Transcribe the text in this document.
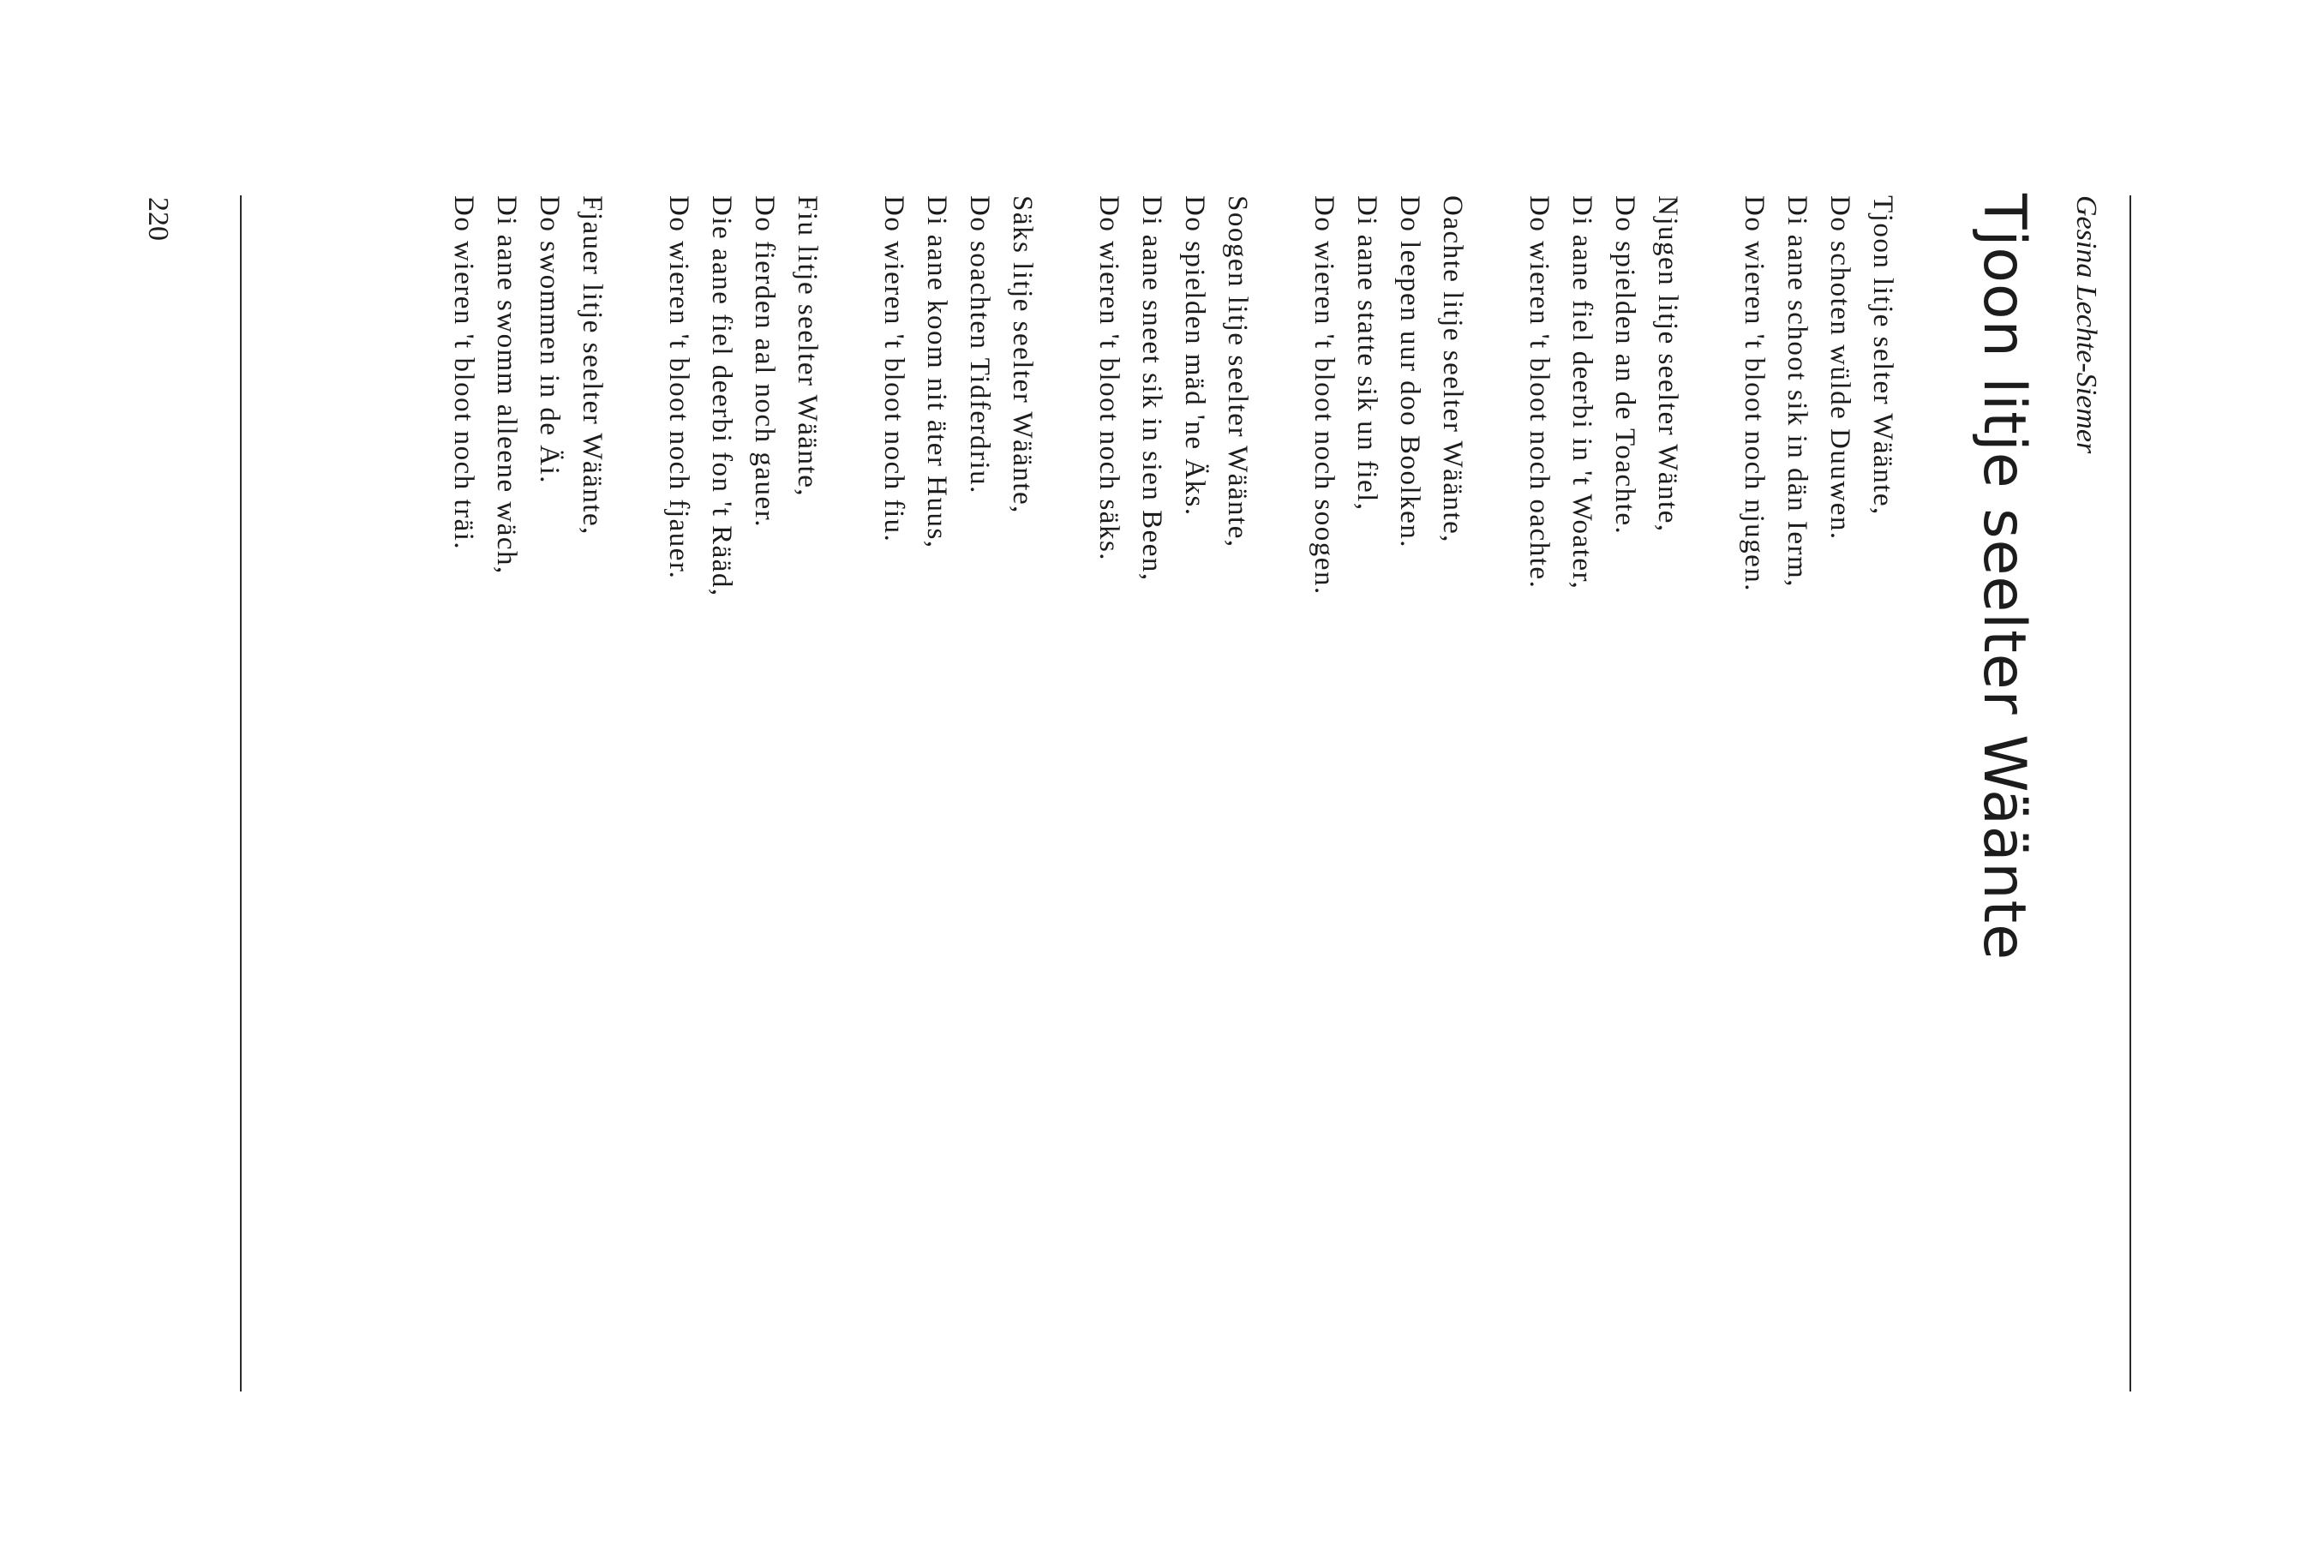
Gesina Lechte-Siemer
Tjoon litje seelter Wäänte
Tjoon litje selter Wäänte,
Do schoten wülde Duuwen.
Di aane schoot sik in dän Ierm,
Do wieren 't bloot noch njugen.
Njugen litje seelter Wänte,
Do spielden an de Toachte.
Di aane fiel deerbi in 't Woater,
Do wieren 't bloot noch oachte.
Oachte litje seelter Wäänte,
Do leepen uur doo Boolken.
Di aane statte sik un fiel,
Do wieren 't bloot noch soogen.
Soogen litje seelter Wäänte,
Do spielden mäd 'ne Äks.
Di aane sneet sik in sien Been,
Do wieren 't bloot noch säks.
Säks litje seelter Wäänte,
Do soachten Tidferdriu.
Di aane koom nit äter Huus,
Do wieren 't bloot noch fiu.
Fiu litje seelter Wäänte,
Do fierden aal noch gauer.
Die aane fiel deerbi fon 't Rääd,
Do wieren 't bloot noch fjauer.
Fjauer litje seelter Wäänte,
Do swommen in de Äi.
Di aane swomm alleene wäch,
Do wieren 't bloot noch träi.
220
